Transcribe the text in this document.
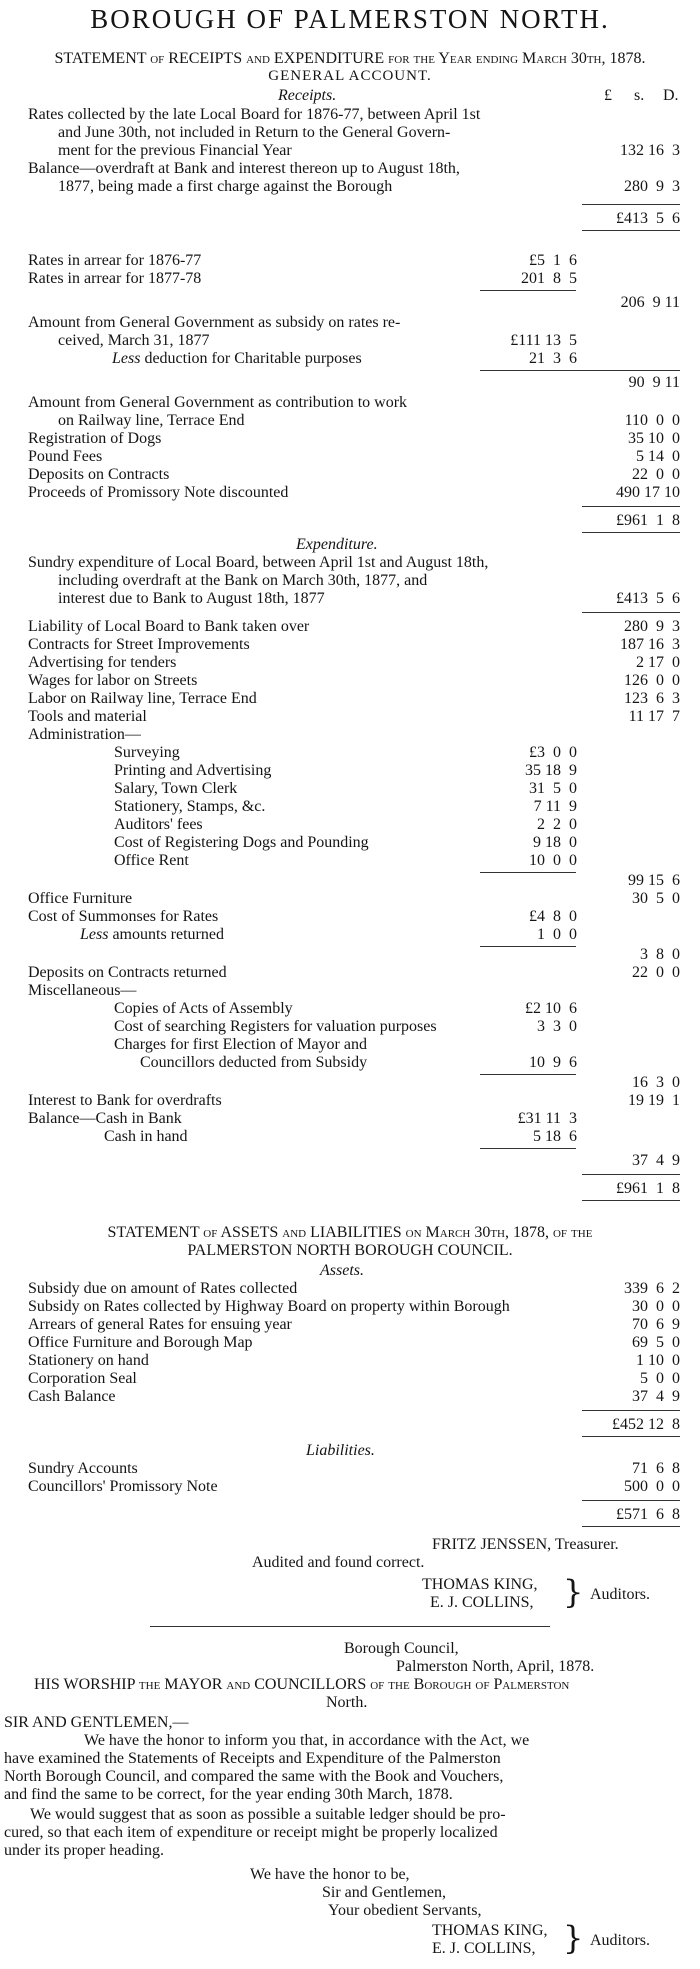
BOROUGH OF PALMERSTON NORTH.
STATEMENT of RECEIPTS and EXPENDITURE for the Year ending March 30th, 1878.
GENERAL ACCOUNT.
Receipts.	£ s. D.
Rates collected by the late Local Board for 1876-77, between April 1st
and June 30th, not included in Return to the General Govern-
ment for the previous Financial Year	132 16  3
Balance—overdraft at Bank and interest thereon up to August 18th,
1877, being made a first charge against the Borough	280  9  3
£413  5  6
Rates in arrear for 1876-77	£5  1  6
Rates in arrear for 1877-78	201  8  5
206  9 11
Amount from General Government as subsidy on rates re-
ceived, March 31, 1877	£111 13  5
Less deduction for Charitable purposes	21  3  6
90  9 11
Amount from General Government as contribution to work
on Railway line, Terrace End	110  0  0
Registration of Dogs	35 10  0
Pound Fees	5 14  0
Deposits on Contracts	22  0  0
Proceeds of Promissory Note discounted	490 17 10
£961  1  8
Expenditure.
Sundry expenditure of Local Board, between April 1st and August 18th,
including overdraft at the Bank on March 30th, 1877, and
interest due to Bank to August 18th, 1877	£413  5  6
Liability of Local Board to Bank taken over	280  9  3
Contracts for Street Improvements	187 16  3
Advertising for tenders	2 17  0
Wages for labor on Streets	126  0  0
Labor on Railway line, Terrace End	123  6  3
Tools and material	11 17  7
Administration—
Surveying	£3  0  0
Printing and Advertising	35 18  9
Salary, Town Clerk	31  5  0
Stationery, Stamps, &c.	7 11  9
Auditors' fees	2  2  0
Cost of Registering Dogs and Pounding	9 18  0
Office Rent	10  0  0
99 15  6
Office Furniture	30  5  0
Cost of Summonses for Rates	£4  8  0
Less amounts returned	1  0  0
3  8  0
Deposits on Contracts returned	22  0  0
Miscellaneous—
Copies of Acts of Assembly	£2 10  6
Cost of searching Registers for valuation purposes	3  3  0
Charges for first Election of Mayor and
Councillors deducted from Subsidy	10  9  6
16  3  0
Interest to Bank for overdrafts	19 19  1
Balance—Cash in Bank	£31 11  3
Cash in hand	5 18  6
37  4  9
£961  1  8
STATEMENT of ASSETS and LIABILITIES on March 30th, 1878, of the
PALMERSTON NORTH BOROUGH COUNCIL.
Assets.
Subsidy due on amount of Rates collected	339  6  2
Subsidy on Rates collected by Highway Board on property within Borough	30  0  0
Arrears of general Rates for ensuing year	70  6  9
Office Furniture and Borough Map	69  5  0
Stationery on hand	1 10  0
Corporation Seal	5  0  0
Cash Balance	37  4  9
£452 12  8
Liabilities.
Sundry Accounts	71  6  8
Councillors' Promissory Note	500  0  0
£571  6  8
FRITZ JENSSEN, Treasurer.
Audited and found correct.
THOMAS KING,
E. J. COLLINS, } Auditors.
Borough Council,
Palmerston North, April, 1878.
HIS WORSHIP the MAYOR and COUNCILLORS of the Borough of Palmerston
North.
SIR AND GENTLEMEN,—
We have the honor to inform you that, in accordance with the Act, we
have examined the Statements of Receipts and Expenditure of the Palmerston
North Borough Council, and compared the same with the Book and Vouchers,
and find the same to be correct, for the year ending 30th March, 1878.
We would suggest that as soon as possible a suitable ledger should be pro-
cured, so that each item of expenditure or receipt might be properly localized
under its proper heading.
We have the honor to be,
Sir and Gentlemen,
Your obedient Servants,
THOMAS KING,
E. J. COLLINS, } Auditors.
